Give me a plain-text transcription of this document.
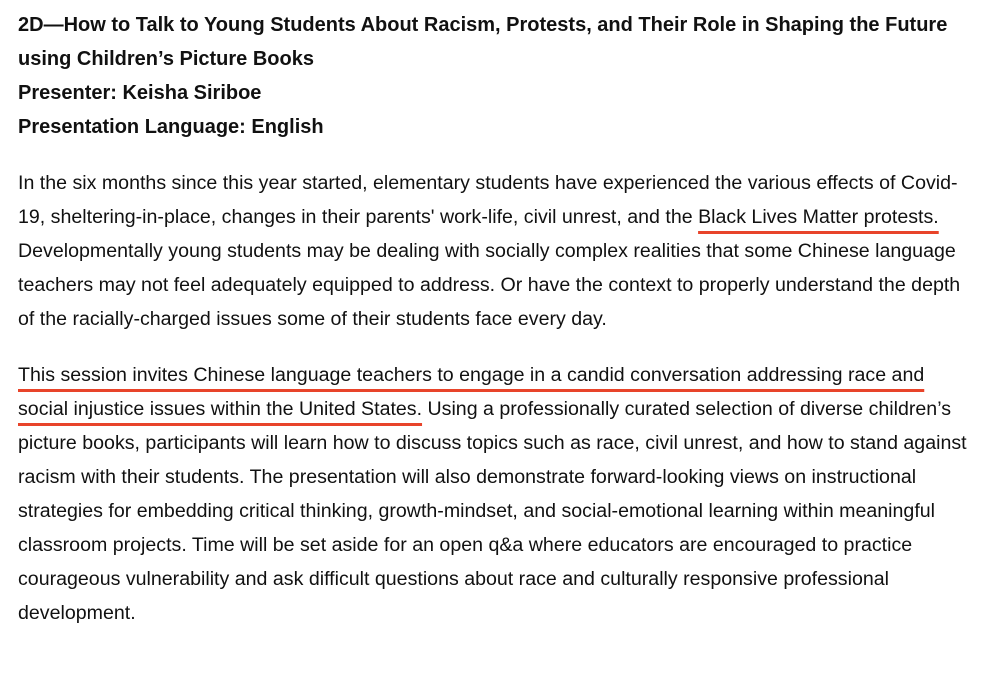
2D—How to Talk to Young Students About Racism, Protests, and Their Role in Shaping the Future using Children’s Picture Books

Presenter: Keisha Siriboe

Presentation Language: English

In the six months since this year started, elementary students have experienced the various effects of Covid-19, sheltering-in-place, changes in their parents' work-life, civil unrest, and the Black Lives Matter protests. Developmentally young students may be dealing with socially complex realities that some Chinese language teachers may not feel adequately equipped to address. Or have the context to properly understand the depth of the racially-charged issues some of their students face every day.

This session invites Chinese language teachers to engage in a candid conversation addressing race and social injustice issues within the United States. Using a professionally curated selection of diverse children’s picture books, participants will learn how to discuss topics such as race, civil unrest, and how to stand against racism with their students. The presentation will also demonstrate forward-looking views on instructional strategies for embedding critical thinking, growth-mindset, and social-emotional learning within meaningful classroom projects. Time will be set aside for an open q&a where educators are encouraged to practice courageous vulnerability and ask difficult questions about race and culturally responsive professional development.
